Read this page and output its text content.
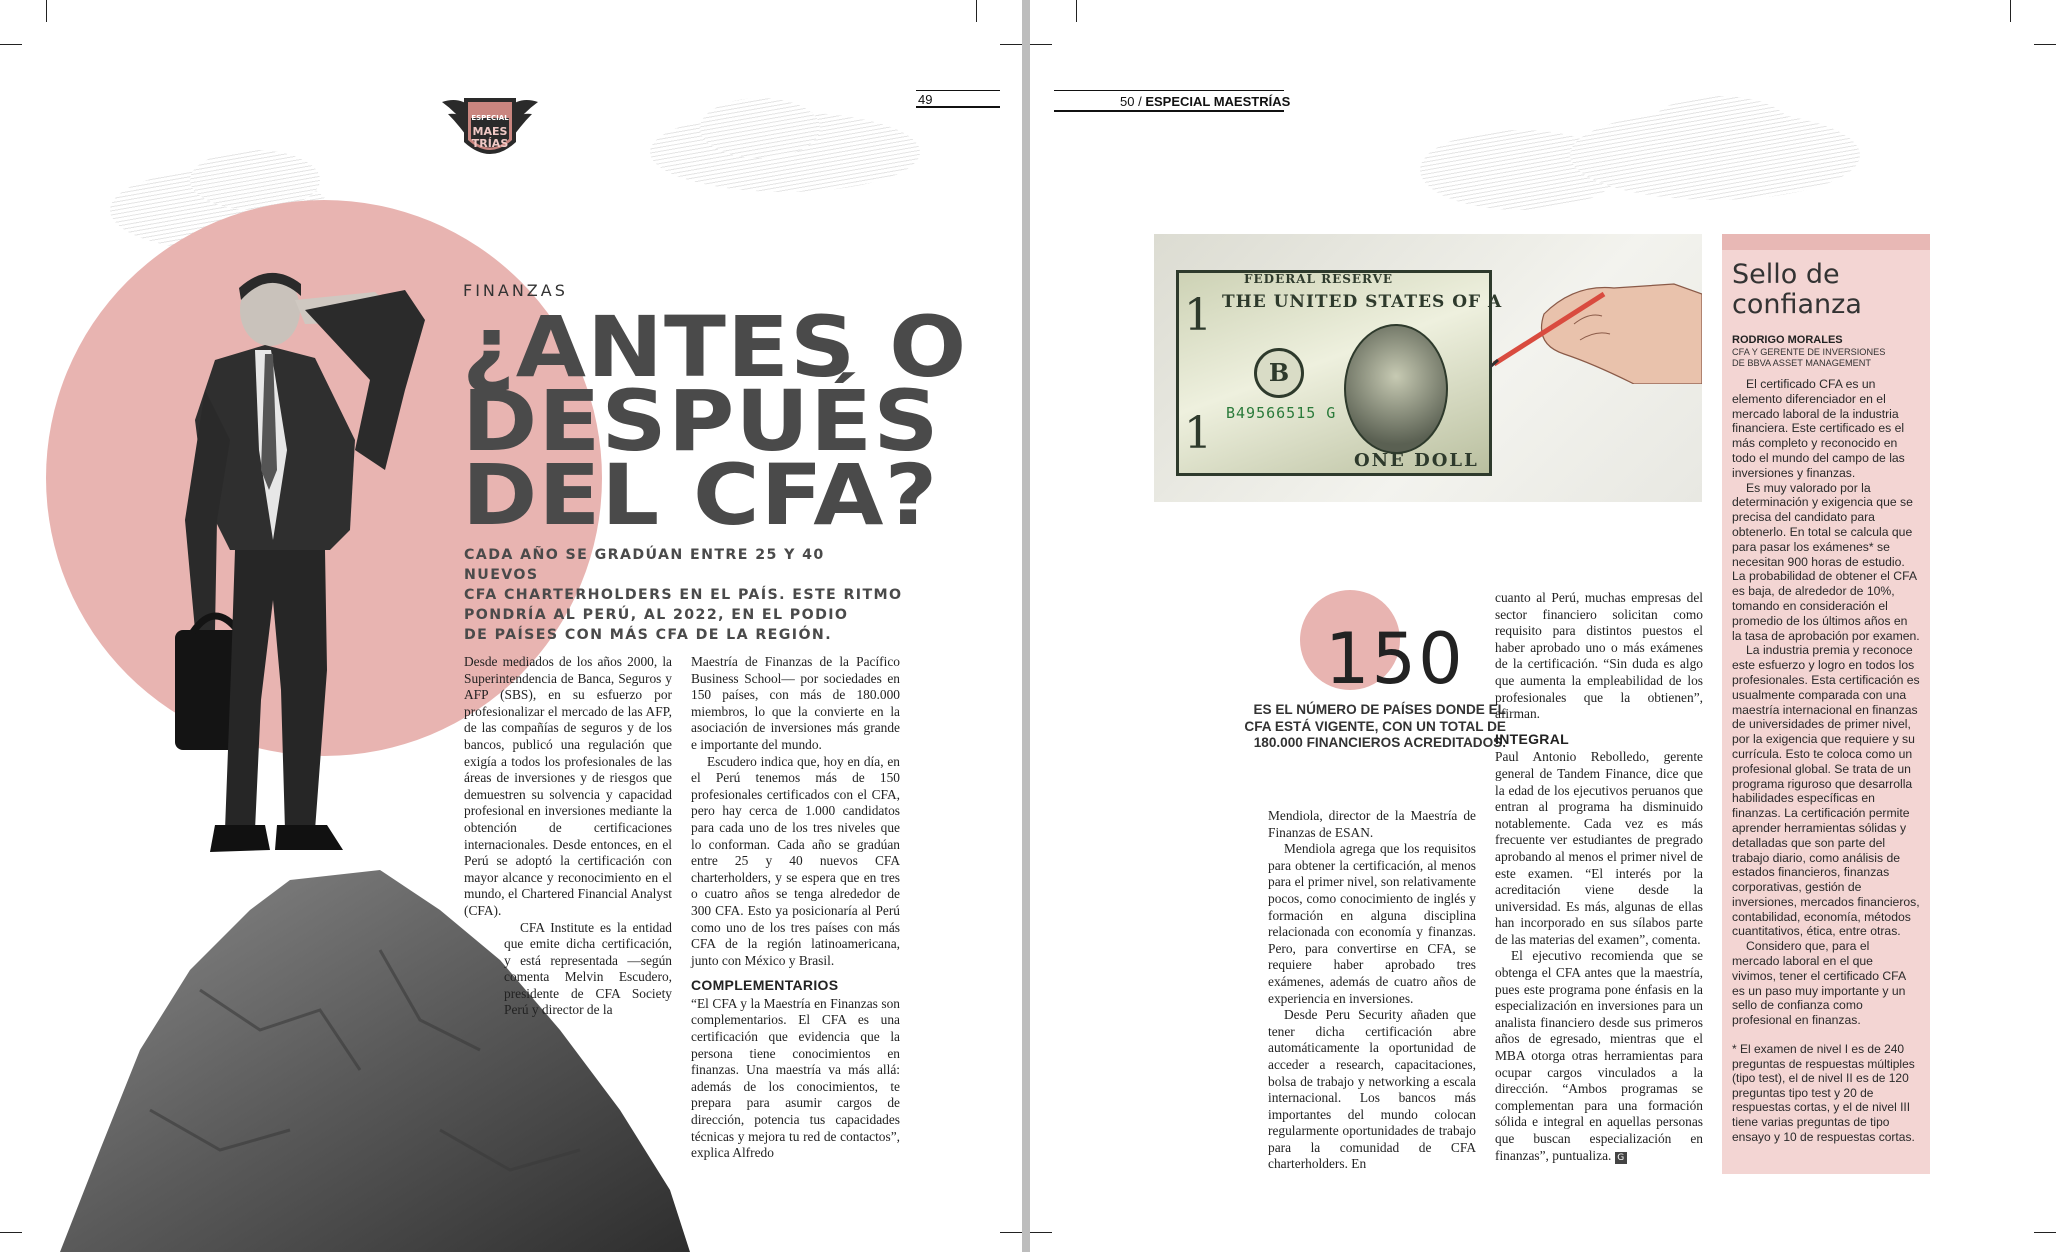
ESPECIAL
MAES
TRÍAS
49
FINANZAS
¿ANTES O
DESPUÉS
DEL CFA?
CADA AÑO SE GRADÚAN ENTRE 25 Y 40 NUEVOS
CFA CHARTERHOLDERS EN EL PAÍS. ESTE RITMO
PONDRÍA AL PERÚ, AL 2022, EN EL PODIO
DE PAÍSES CON MÁS CFA DE LA REGIÓN.

Desde mediados de los años 2000, la Superintendencia de Banca, Seguros y AFP (SBS), en su esfuerzo por profesionalizar el mercado de las AFP, de las compañías de seguros y de los bancos, publicó una regulación que exigía a todos los profesionales de las áreas de inversiones y de riesgos que demuestren su solvencia y capacidad profesional en inversiones mediante la obtención de certificaciones internacionales. Desde entonces, en el Perú se adoptó la certificación con mayor alcance y reconocimiento en el mundo, el Chartered Financial Analyst (CFA).

CFA Institute es la entidad que emite dicha certificación, y está representada —según comenta Melvin Escudero, presidente de CFA Society Perú y director de la

Maestría de Finanzas de la Pacífico Business School— por sociedades en 150 países, con más de 180.000 miembros, lo que la convierte en la asociación de inversiones más grande e importante del mundo.

Escudero indica que, hoy en día, en el Perú tenemos más de 150 profesionales certificados con el CFA, pero hay cerca de 1.000 candidatos para cada uno de los tres niveles que lo conforman. Cada año se gradúan entre 25 y 40 nuevos CFA charterholders, y se espera que en tres o cuatro años se tenga alrededor de 300 CFA. Esto ya posicionaría al Perú como uno de los tres países con más CFA de la región latinoamericana, junto con México y Brasil.

COMPLEMENTARIOS

“El CFA y la Maestría en Finanzas son complementarios. El CFA es una certificación que evidencia que la persona tiene conocimientos en finanzas. Una maestría va más allá: además de los conocimientos, te prepara para asumir cargos de dirección, potencia tus capacidades técnicas y mejora tu red de contactos”, explica Alfredo

50 / ESPECIAL MAESTRÍAS
FEDERAL RESERVE
THE UNITED STATES OF A
1
1
B
B49566515 G
ONE DOLL
150
ES EL NÚMERO DE PAÍSES DONDE EL
CFA ESTÁ VIGENTE, CON UN TOTAL DE
180.000 FINANCIEROS ACREDITADOS.

Mendiola, director de la Maestría de Finanzas de ESAN.

Mendiola agrega que los requisitos para obtener la certificación, al menos para el primer nivel, son relativamente pocos, como conocimiento de inglés y formación en alguna disciplina relacionada con economía y finanzas. Pero, para convertirse en CFA, se requiere haber aprobado tres exámenes, además de cuatro años de experiencia en inversiones.

Desde Peru Security añaden que tener dicha certificación abre automáticamente la oportunidad de acceder a research, capacitaciones, bolsa de trabajo y networking a escala internacional. Los bancos más importantes del mundo colocan regularmente oportunidades de trabajo para la comunidad de CFA charterholders. En

cuanto al Perú, muchas empresas del sector financiero solicitan como requisito para distintos puestos el haber aprobado uno o más exámenes de la certificación. “Sin duda es algo que aumenta la empleabilidad de los profesionales que la obtienen”, afirman.

INTEGRAL

Paul Antonio Rebolledo, gerente general de Tandem Finance, dice que la edad de los ejecutivos peruanos que entran al programa ha disminuido notablemente. Cada vez es más frecuente ver estudiantes de pregrado aprobando al menos el primer nivel de este examen. “El interés por la acreditación viene desde la universidad. Es más, algunas de ellas han incorporado en sus sílabos parte de las materias del examen”, comenta.

El ejecutivo recomienda que se obtenga el CFA antes que la maestría, pues este programa pone énfasis en la especialización en inversiones para un analista financiero desde sus primeros años de egresado, mientras que el MBA otorga otras herramientas para ocupar cargos vinculados a la dirección. “Ambos programas se complementan para una formación sólida e integral en aquellas personas que buscan especialización en finanzas”, puntualiza. G

Sello de
confianza
RODRIGO MORALES
CFA Y GERENTE DE INVERSIONES
DE BBVA ASSET MANAGEMENT

El certificado CFA es un elemento diferenciador en el mercado laboral de la industria financiera. Este certificado es el más completo y reconocido en todo el mundo del campo de las inversiones y finanzas.

Es muy valorado por la determinación y exigencia que se precisa del candidato para obtenerlo. En total se calcula que para pasar los exámenes* se necesitan 900 horas de estudio. La probabilidad de obtener el CFA es baja, de alrededor de 10%, tomando en consideración el promedio de los últimos años en la tasa de aprobación por examen.

La industria premia y reconoce este esfuerzo y logro en todos los profesionales. Esta certificación es usualmente comparada con una maestría internacional en finanzas de universidades de primer nivel, por la exigencia que requiere y su currícula. Esto te coloca como un profesional global. Se trata de un programa riguroso que desarrolla habilidades específicas en finanzas. La certificación permite aprender herramientas sólidas y detalladas que son parte del trabajo diario, como análisis de estados financieros, finanzas corporativas, gestión de inversiones, mercados financieros, contabilidad, economía, métodos cuantitativos, ética, entre otras.

Considero que, para el mercado laboral en el que vivimos, tener el certificado CFA es un paso muy importante y un sello de confianza como profesional en finanzas.

* El examen de nivel I es de 240 preguntas de respuestas múltiples (tipo test), el de nivel II es de 120 preguntas tipo test y 20 de respuestas cortas, y el de nivel III tiene varias preguntas de tipo ensayo y 10 de respuestas cortas.
